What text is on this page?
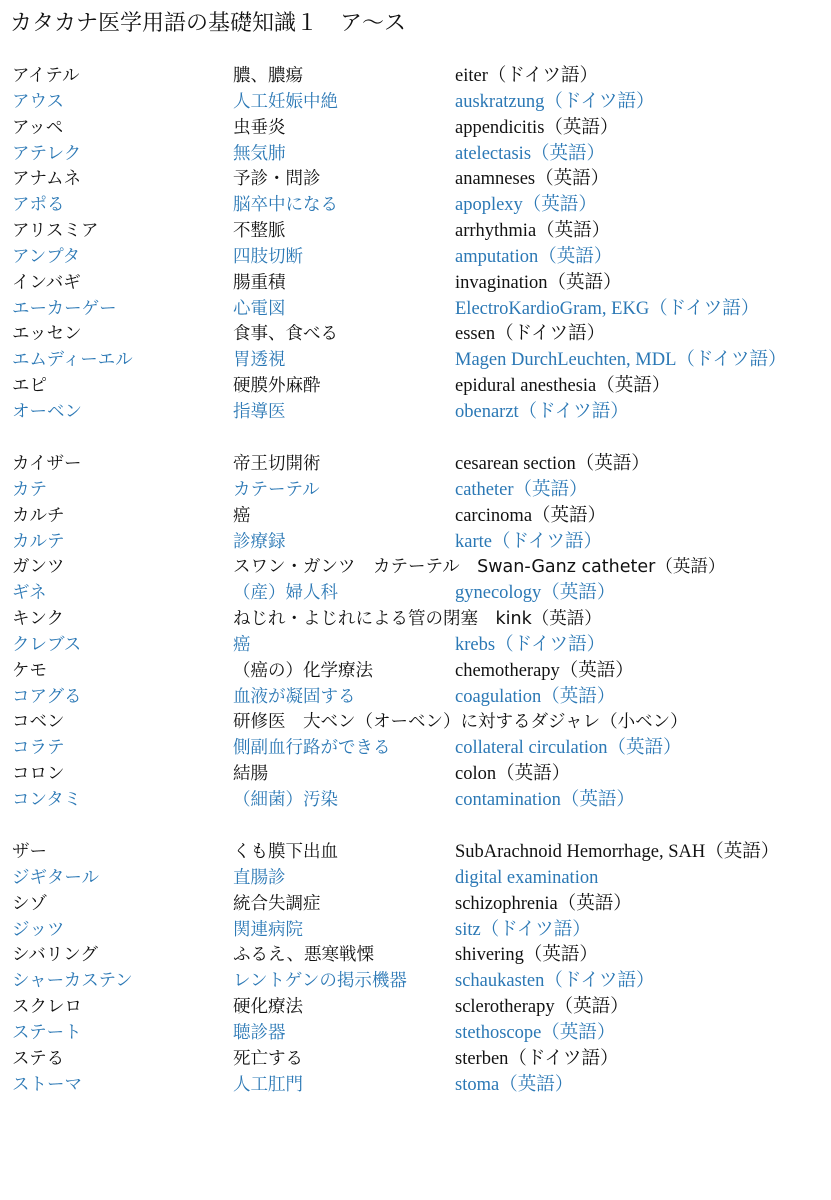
カタカナ医学用語の基礎知識１　ア〜ス
アイテル	膿、膿瘍	eiter（ドイツ語）
アウス	人工妊娠中絶	auskratzung（ドイツ語）
アッペ	虫垂炎	appendicitis（英語）
アテレク	無気肺	atelectasis（英語）
アナムネ	予診・問診	anamneses（英語）
アポる	脳卒中になる	apoplexy（英語）
アリスミア	不整脈	arrhythmia（英語）
アンプタ	四肢切断	amputation（英語）
インバギ	腸重積	invagination（英語）
エーカーゲー	心電図	ElectroKardioGram, EKG（ドイツ語）
エッセン	食事、食べる	essen（ドイツ語）
エムディーエル	胃透視	Magen DurchLeuchten, MDL（ドイツ語）
エピ	硬膜外麻酔	epidural anesthesia（英語）
オーベン	指導医	obenarzt（ドイツ語）
カイザー	帝王切開術	cesarean section（英語）
カテ	カテーテル	catheter（英語）
カルチ	癌	carcinoma（英語）
カルテ	診療録	karte（ドイツ語）
ガンツ	スワン・ガンツ　カテーテル　Swan-Ganz catheter（英語）
ギネ	（産）婦人科	gynecology（英語）
キンク	ねじれ・よじれによる管の閉塞　kink（英語）
クレブス	癌	krebs（ドイツ語）
ケモ	（癌の）化学療法	chemotherapy（英語）
コアグる	血液が凝固する	coagulation（英語）
コベン	研修医　大ベン（オーベン）に対するダジャレ（小ベン）
コラテ	側副血行路ができる	collateral circulation（英語）
コロン	結腸	colon（英語）
コンタミ	（細菌）汚染	contamination（英語）
ザー	くも膜下出血	SubArachnoid Hemorrhage, SAH（英語）
ジギタール	直腸診	digital examination
シゾ	統合失調症	schizophrenia（英語）
ジッツ	関連病院	sitz（ドイツ語）
シバリング	ふるえ、悪寒戦慄	shivering（英語）
シャーカステン	レントゲンの掲示機器	schaukasten（ドイツ語）
スクレロ	硬化療法	sclerotherapy（英語）
ステート	聴診器	stethoscope（英語）
ステる	死亡する	sterben（ドイツ語）
ストーマ	人工肛門	stoma（英語）
